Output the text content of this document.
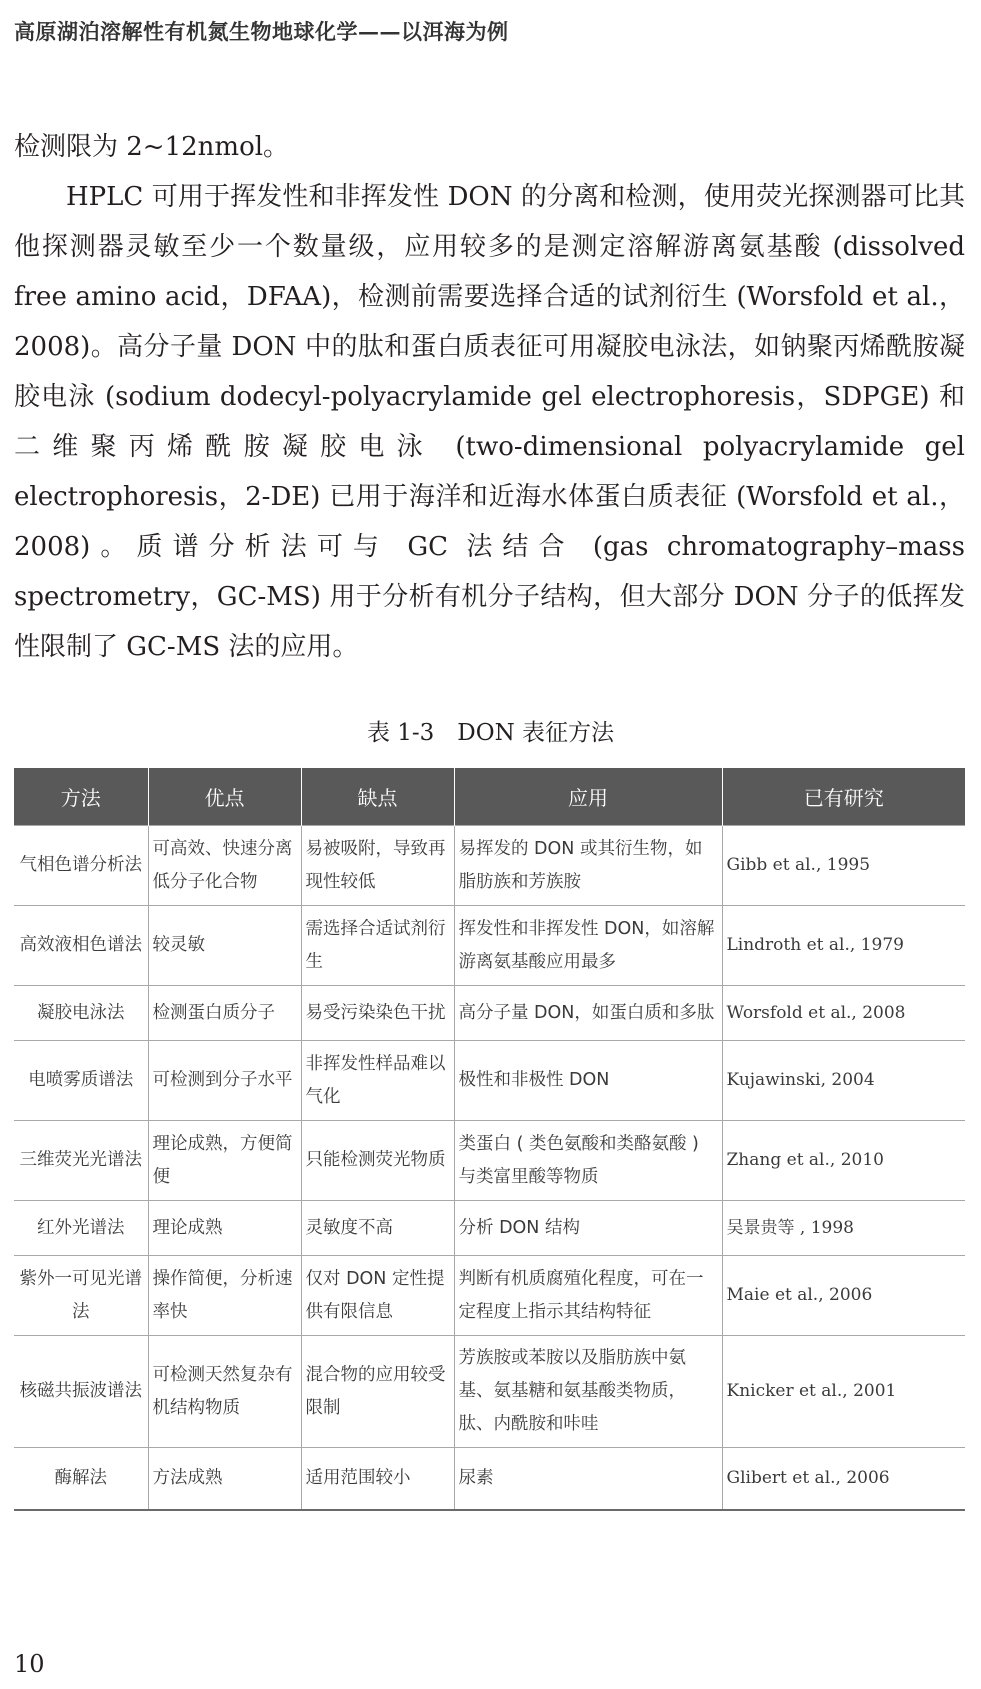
高原湖泊溶解性有机氮生物地球化学——以洱海为例

检测限为 2~12nmol。

HPLC 可用于挥发性和非挥发性 DON 的分离和检测，使用荧光探测器可比其他探测器灵敏至少一个数量级，应用较多的是测定溶解游离氨基酸 (dissolved free amino acid，DFAA)，检测前需要选择合适的试剂衍生 (Worsfold et al.，2008)。高分子量 DON 中的肽和蛋白质表征可用凝胶电泳法，如钠聚丙烯酰胺凝胶电泳 (sodium dodecyl-polyacrylamide gel electrophoresis，SDPGE) 和二维聚丙烯酰胺凝胶电泳 (two-dimensional polyacrylamide gel electrophoresis，2-DE) 已用于海洋和近海水体蛋白质表征 (Worsfold et al.，2008)。质谱分析法可与 GC 法结合 (gas chromatography–mass spectrometry，GC-MS) 用于分析有机分子结构，但大部分 DON 分子的低挥发性限制了 GC-MS 法的应用。

表 1-3　DON 表征方法
方法	优点	缺点	应用	已有研究
气相色谱分析法	可高效、快速分离低分子化合物	易被吸附，导致再现性较低	易挥发的 DON 或其衍生物，如脂肪族和芳族胺	Gibb et al., 1995
高效液相色谱法	较灵敏	需选择合适试剂衍生	挥发性和非挥发性 DON，如溶解游离氨基酸应用最多	Lindroth et al., 1979
凝胶电泳法	检测蛋白质分子	易受污染染色干扰	高分子量 DON，如蛋白质和多肽	Worsfold et al., 2008
电喷雾质谱法	可检测到分子水平	非挥发性样品难以气化	极性和非极性 DON	Kujawinski, 2004
三维荧光光谱法	理论成熟，方便简便	只能检测荧光物质	类蛋白 ( 类色氨酸和类酪氨酸 ) 与类富里酸等物质	Zhang et al., 2010
红外光谱法	理论成熟	灵敏度不高	分析 DON 结构	吴景贵等 , 1998
紫外一可见光谱法	操作简便，分析速率快	仅对 DON 定性提供有限信息	判断有机质腐殖化程度，可在一定程度上指示其结构特征	Maie et al., 2006
核磁共振波谱法	可检测天然复杂有机结构物质	混合物的应用较受限制	芳族胺或苯胺以及脂肪族中氨基、氨基糖和氨基酸类物质，肽、内酰胺和咔哇	Knicker et al., 2001
酶解法	方法成熟	适用范围较小	尿素	Glibert et al., 2006
10
